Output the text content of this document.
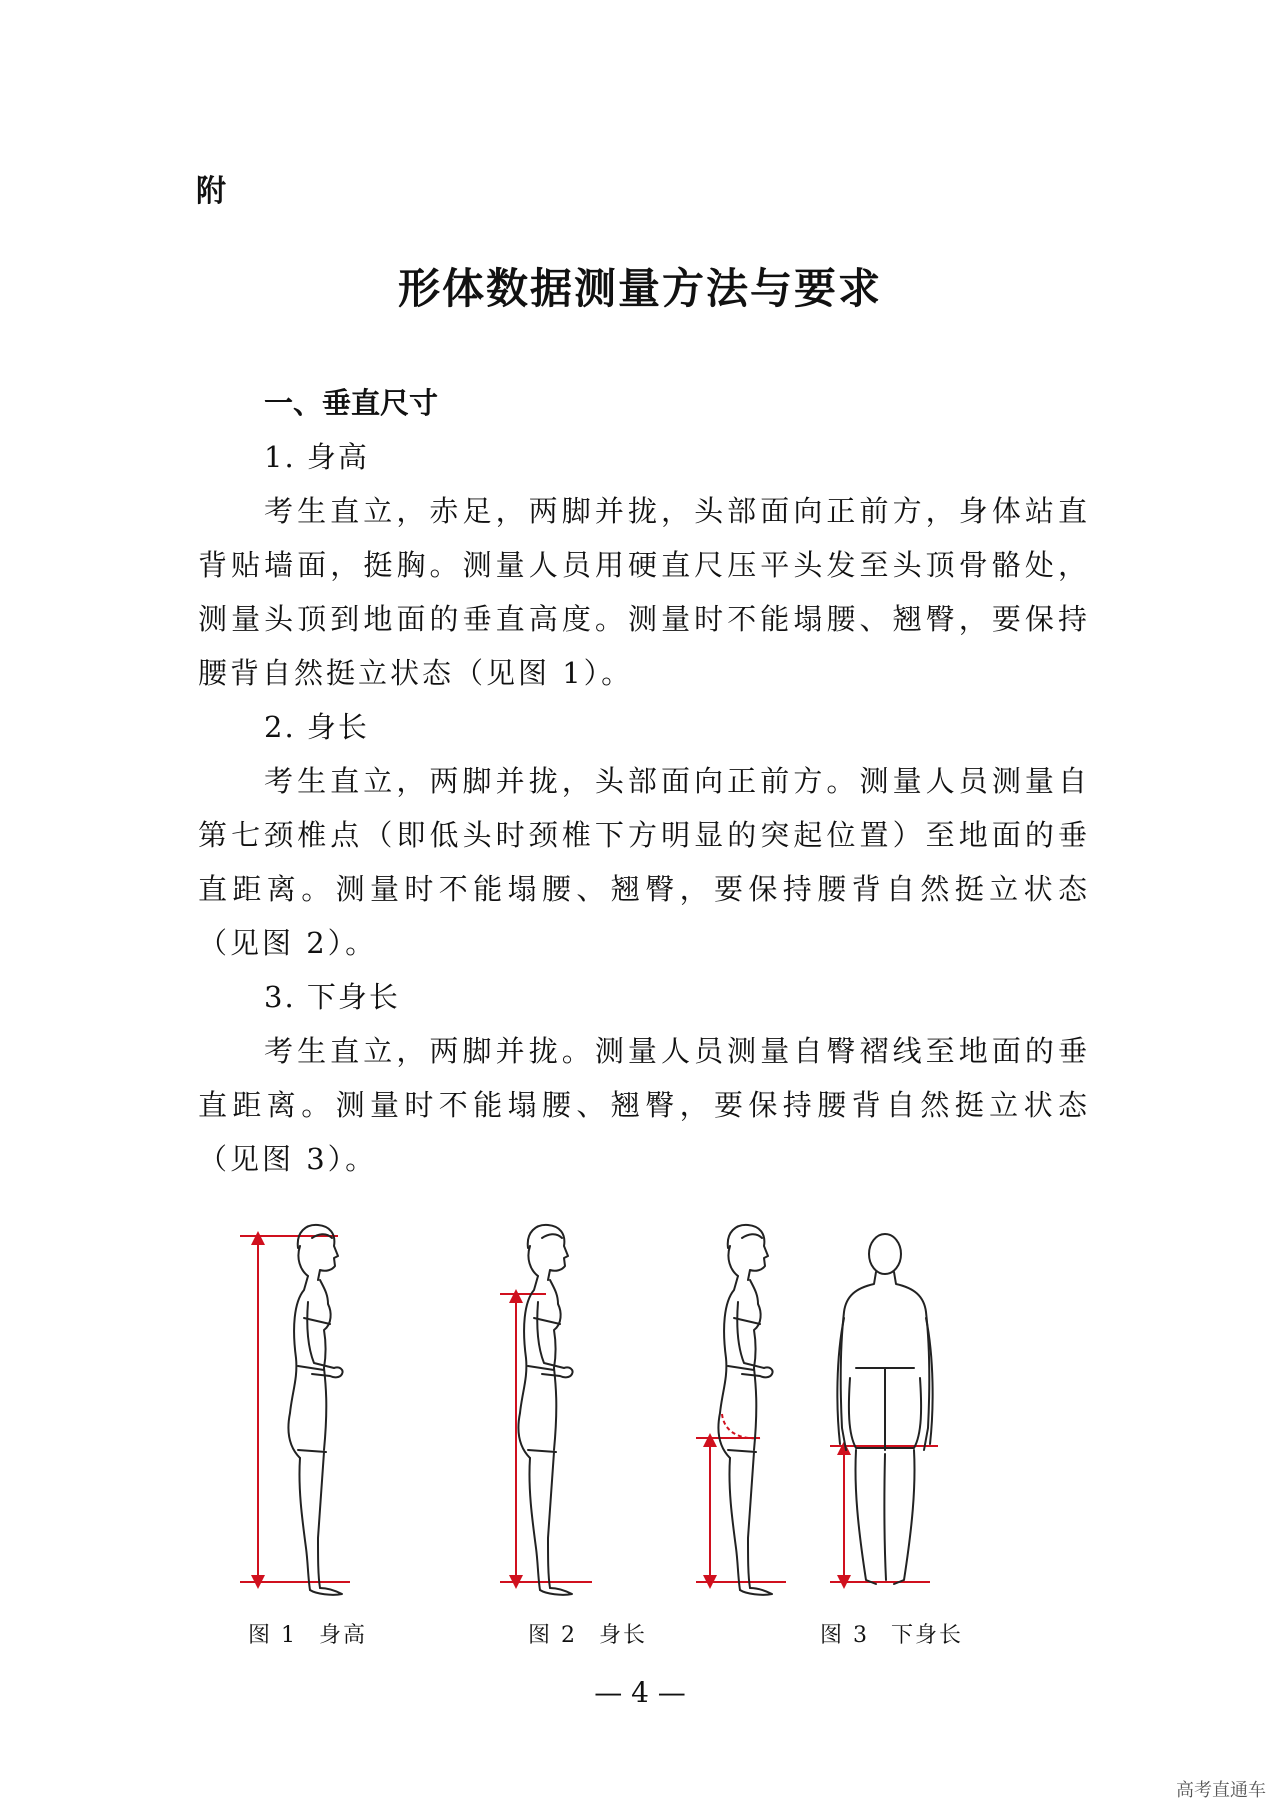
附
形体数据测量方法与要求
一、垂直尺寸
1. 身高

考生直立，赤足，两脚并拢，头部面向正前方，身体站直背贴墙面，挺胸。测量人员用硬直尺压平头发至头顶骨骼处，测量头顶到地面的垂直高度。测量时不能塌腰、翘臀，要保持腰背自然挺立状态（见图 1）。

2. 身长

考生直立，两脚并拢，头部面向正前方。测量人员测量自第七颈椎点（即低头时颈椎下方明显的突起位置）至地面的垂直距离。测量时不能塌腰、翘臀，要保持腰背自然挺立状态（见图 2）。

3. 下身长

考生直立，两脚并拢。测量人员测量自臀褶线至地面的垂直距离。测量时不能塌腰、翘臀，要保持腰背自然挺立状态（见图 3）。

图 1 身高	图 2 身长	图 3 下身长
— 4 —
高考直通车
